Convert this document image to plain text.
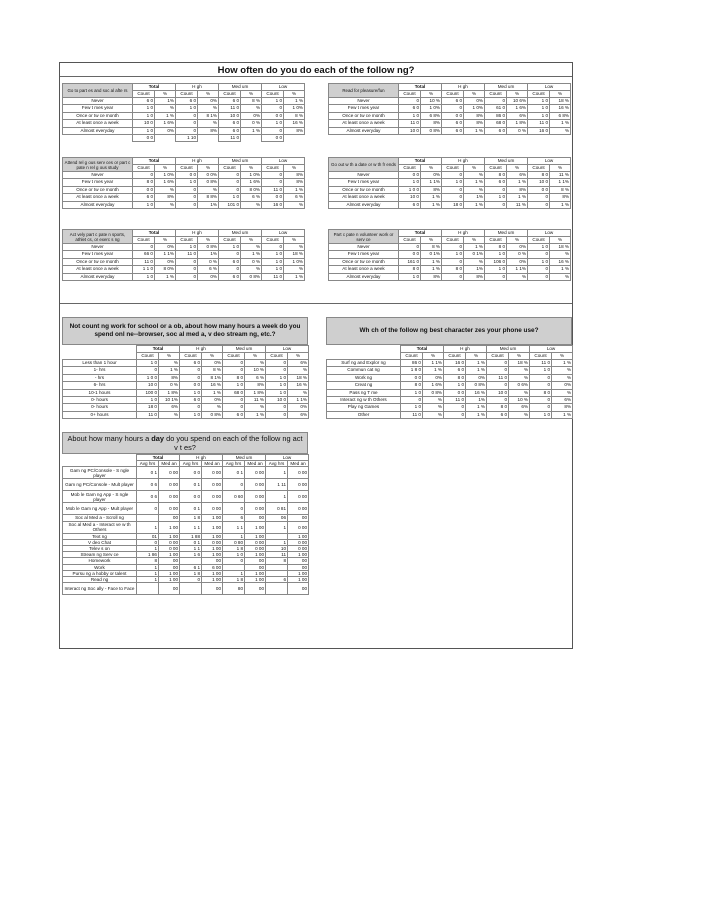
How often do you do each of the follow ng?
Go to part es and soc al afte rs	Total		H gh		Med um		Low	
	Count	%	Count	%	Count	%	Count	%
Never	6 0	1%	6 0	0%	6 0	8 %	1 0	1 %
Few t mes year	1 0	%	1 0	%	11 0	%	0	1 0%
Once or tw ce month	1 0	1 %	0	8 1%	10 0	0%	0 0	8 %
At least once a week	10 0	1 6%	0	%	6 0	0 %	1 0	16 %
Almost everyday	1 0	0%	0	8%	6 0	1 %	0	8%
	0 0		1 10		11 0		0 0	
Read for pleasure/fun	Total		H gh		Med um		Low	
	Count	%	Count	%	Count	%	Count	%
Never	0	10 %	6 0	0%	0	10 6%	1 0	18 %
Few t mes year	6 0	1 0%	0	1 0%	61 0	1 6%	1 0	16 %
Once or tw ce month	1 0	6 8%	0 0	8%	86 0	6%	1 0	6 8%
At least once a week	11 0	8%	6 0	8%	68 0	1 8%	11 0	1 %
Almost everyday	10 0	0 8%	6 0	1 %	6 0	0 %	16 0	%
Attend rel g ous serv ces or part c pate n rel g ous study	Total		H gh		Med um		Low	
	Count	%	Count	%	Count	%	Count	%
Never	0	1 0%	0 0	0 0%	0	1 0%	0	8%
Few t mes year	8 0	1 6%	1 0	0 8%	0	1 6%	0	8%
Once or tw ce month	0 0	%	0	%	0	8 0%	11 0	1 %
At least once a week	6 0	8%	0	8 8%	1 0	6 %	0 0	6 %
Almost everyday	1 0	%	0	1%	101 0	%	16 0	%
Go out w th a date or w th fr ends	Total		H gh		Med um		Low	
	Count	%	Count	%	Count	%	Count	%
Never	0 0	0%	0	%	8 0	6%	8 0	11 %
Few t mes year	1 0	1 1%	1 0	1 %	6 0	1 %	10 0	1 1%
Once or tw ce month	1 0 0	8%	0	%	0	8%	0 0	8 %
At least once a week	10 0	1 %	0	1%	1 0	1 %	0	8%
Almost everyday	6 0	1 %	18 0	1 %	0	11 %	0	1 %
Act vely part c pate n sports, athlet cs, or exerc s ng	Total		H gh		Med um		Low	
	Count	%	Count	%	Count	%	Count	%
Never	0	0%	1 0	0 8%	1 0	%	0	%
Few t mes year	66 0	1 1%	11 0	1%	0	1 %	1 0	18 %
Once or tw ce month	11 0	0%	0	0 %	6 0	0 %	1 0	1 0%
At least once a week	1 1 0	8 0%	0	6 %	0	%	1 0	%
Almost everyday	1 0	1 %	0	0%	6 0	0 8%	11 0	1 %
Part c pate n volunteer work or serv ce	Total		H gh		Med um		Low	
	Count	%	Count	%	Count	%	Count	%
Never	0	8 %	0	1 %	8 0	0%	1 0	18 %
Few t mes year	0 0	0 1%	1 0	0 1%	1 0	0 %	0	%
Once or tw ce month	161 0	1 %	0	%	106 0	0%	1 0	16 %
At least once a week	8 0	1 %	8 0	1%	1 0	1 1%	0	1 %
Almost everyday	1 0	8%	0	8%	0	%	0	%
Not count ng work for school or a ob, about how many hours a week do you spend onl ne--browser, soc al med a, v deo stream ng, etc.?
	Total		H gh		Med um		Low	
	Count	%	Count	%	Count	%	Count	%
Less than 1 hour	1 0	%	6 0	0%	0	%	0	6%
1- hrs	0	1 %	0	8 %	0	10 %	0	%
- hrs	1 0 0	8%	0	8 1%	8 0	6 %	1 0	18 %
6- hrs	10 0	0 %	0 0	16 %	1 0	8%	1 0	16 %
10-1 hours	100 0	1 8%	1 0	1 %	68 0	1 8%	1 0	%
0- hours	1 0	10 1%	6 0	0%	0	11 %	10 0	1 1%
0- hours	18 0	6%	0	%	0	%	0	0%
0+ hours	11 0	%	1 0	0 8%	6 0	1 %	0	6%
Wh ch of the follow ng best character zes your phone use?
	Total		H gh		Med um		Low	
	Count	%	Count	%	Count	%	Count	%
Surf ng and Explor ng	86 0	1 1%	16 0	1 %	0	18 %	11 0	1 %
Commun cat ng	1 8 0	1 %	6 0	1 %	0	%	1 0	%
Work ng	0 0	0%	8 0	0%	11 0	%	0	%
Creat ng	8 0	1 6%	1 0	0 8%	0	0 6%	0	0%
Pass ng T me	1 0	0 8%	0 0	16 %	10 0	%	8 0	%
Interact ng w th Others	0	%	11 0	1%	0	10 %	0	6%
Play ng Games	1 0	%	0	1 %	8 0	6%	0	8%
Other	11 0	%	0	1 %	6 0	%	1 0	1 %
About how many hours a day do you spend on each of the follow ng act v t es?
	Total		H gh		Med um		Low	
	Avg hrs	Med an	Avg hrs	Med an	Avg hrs	Med an	Avg hrs	Med an
Gam ng PC/Console - S ngle player	0 1	0 00	0 0	0 00	0 1	0 00	1	0 00
Gam ng PC/Console - Mult player	0 6	0 00	0 1	0 00	0	0 00	1 11	0 00
Mob le Gam ng App - S ngle player	0 6	0 00	0 0	0 00	0 60	0 00	1	0 00
Mob le Gam ng App - Mult player	0	0 00	0 1	0 00	0	0 00	0 81	0 00
Soc al Med a - Scroll ng		00	1 8	1 00	6	00	06	00
Soc al Med a - Interact ve w th Others	1	1 00	1 1	1 00	1 1	1 00	1	0 00
Text ng	01	1 00	1 88	1 00	1	1 00		1 00
V deo Chat	0	0 00	0 1	0 00	0 80	0 00	1	0 00
Telev s on	1	0 00	1 1	1 00	1 8	0 00	10	0 00
Stream ng Serv ce	1 86	1 00	1 6	1 00	1 0	1 00	11	1 00
Homework	8	00		00	0	00	8	00
Work	1	00	6 1	6 00		00		00
Pursu ng a hobby or talent	1	1 00	1 8	1 00	1	1 00		1 00
Read ng	1	1 00	0	1 00	1 8	1 00	6	1 00
Interact ng Soc ally - Face to Face		00		00	80	00		00
